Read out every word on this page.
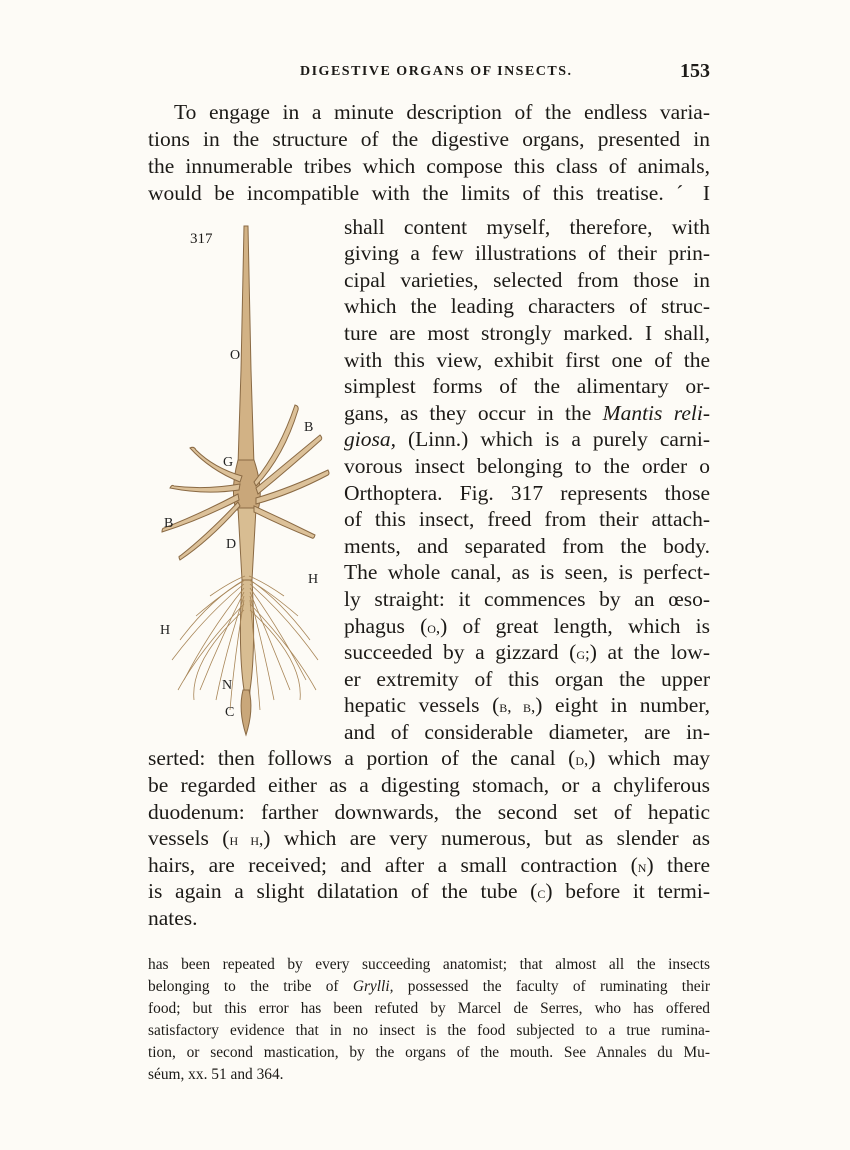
DIGESTIVE ORGANS OF INSECTS.	153
317
O
G
B
B
D
H
H
N
C
To engage in a minute description of the endless varia-
tions in the structure of the digestive organs, presented in
the innumerable tribes which compose this class of animals,
would be incompatible with the limits of this treatise. ˊ I
shall content myself, therefore, with
giving a few illustrations of their prin-
cipal varieties, selected from those in
which the leading characters of struc-
ture are most strongly marked. I shall,
with this view, exhibit first one of the
simplest forms of the alimentary or-
gans, as they occur in the Mantis reli-
giosa, (Linn.) which is a purely carni-
vorous insect belonging to the order o
Orthoptera. Fig. 317 represents those
of this insect, freed from their attach-
ments, and separated from the body.
The whole canal, as is seen, is perfect-
ly straight: it commences by an œso-
phagus (o,) of great length, which is
succeeded by a gizzard (g;) at the low-
er extremity of this organ the upper
hepatic vessels (b, b,) eight in number,
and of considerable diameter, are in-
serted: then follows a portion of the canal (d,) which may
be regarded either as a digesting stomach, or a chyliferous
duodenum: farther downwards, the second set of hepatic
vessels (h h,) which are very numerous, but as slender as
hairs, are received; and after a small contraction (n) there
is again a slight dilatation of the tube (c) before it termi-
nates.
has been repeated by every succeeding anatomist; that almost all the insects
belonging to the tribe of Grylli, possessed the faculty of ruminating their
food; but this error has been refuted by Marcel de Serres, who has offered
satisfactory evidence that in no insect is the food subjected to a true rumina-
tion, or second mastication, by the organs of the mouth. See Annales du Mu-
séum, xx. 51 and 364.
